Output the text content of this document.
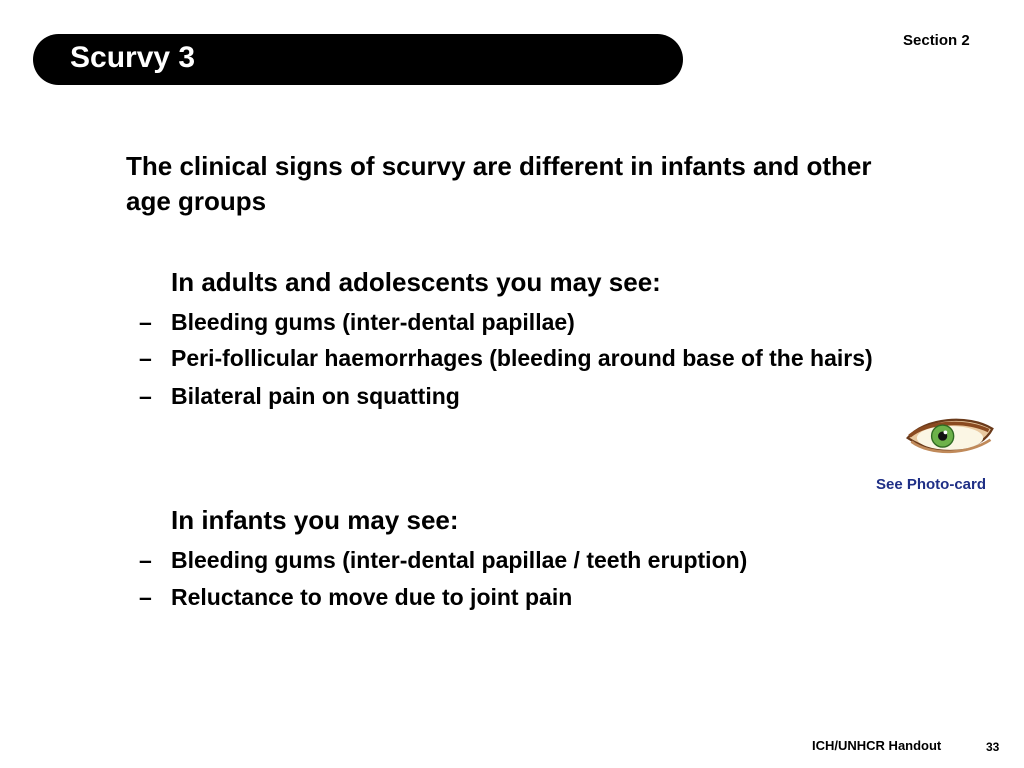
Scurvy 3
Section 2
The clinical signs of scurvy are different in infants and other age groups
In adults and adolescents you may see:
– Bleeding gums (inter-dental papillae)
– Peri-follicular haemorrhages (bleeding around base of the hairs)
– Bilateral pain on squatting
In infants you may see:
– Bleeding gums (inter-dental papillae / teeth eruption)
– Reluctance to move due to joint pain
See Photo-card
ICH/UNHCR Handout	33
